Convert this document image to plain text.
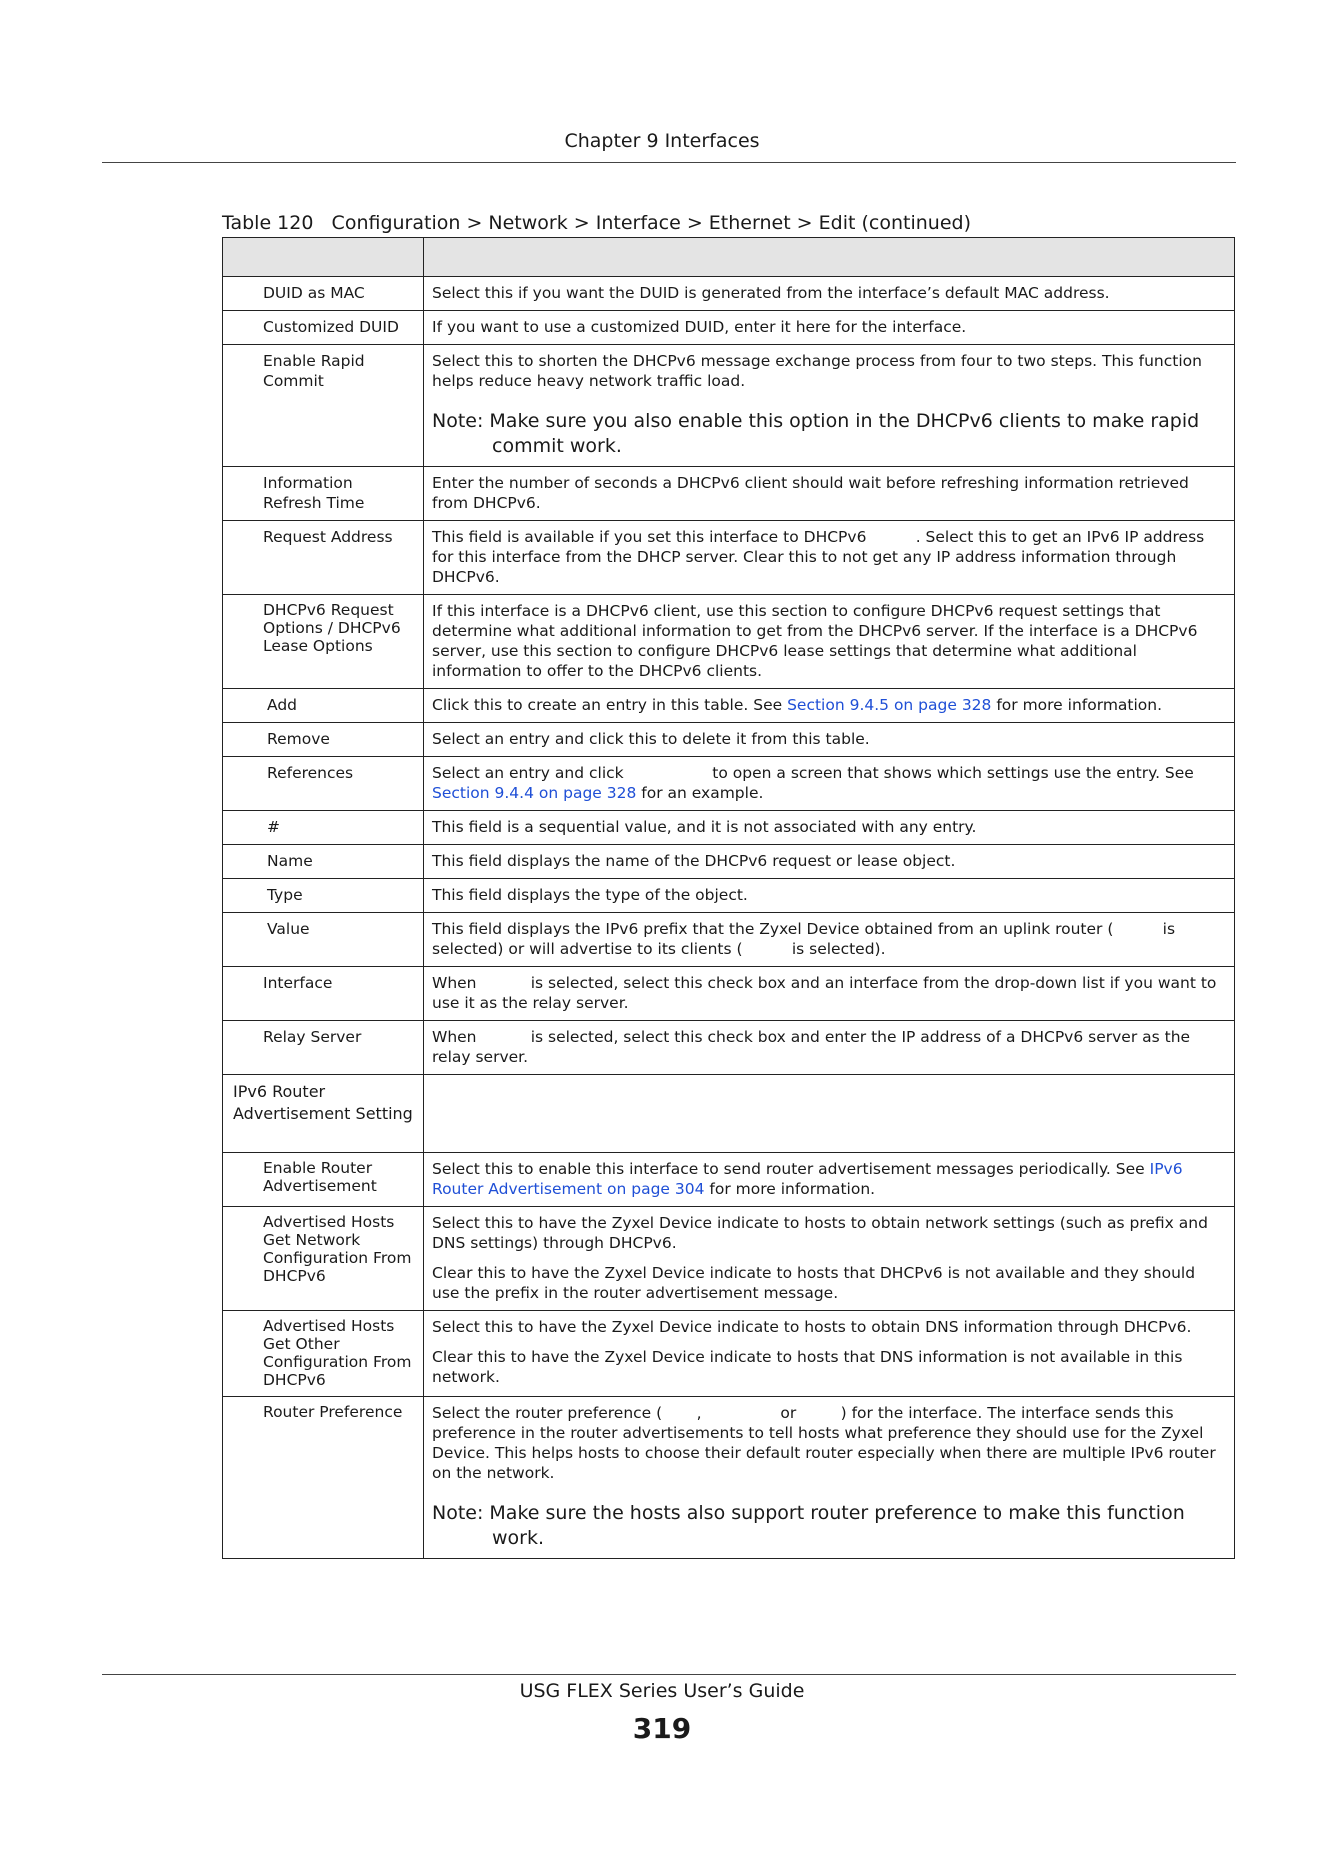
Chapter 9 Interfaces
Table 120   Configuration > Network > Interface > Ethernet > Edit (continued)

DUID as MAC	Select this if you want the DUID is generated from the interface’s default MAC address.

Customized DUID	If you want to use a customized DUID, enter it here for the interface.

Enable Rapid Commit	Select this to shorten the DHCPv6 message exchange process from four to two steps. This function helps reduce heavy network traffic load.

Note: Make sure you also enable this option in the DHCPv6 clients to make rapid commit work.

Information Refresh Time	Enter the number of seconds a DHCPv6 client should wait before refreshing information retrieved from DHCPv6.

Request Address	This field is available if you set this interface to DHCPv6          . Select this to get an IPv6 IP address for this interface from the DHCP server. Clear this to not get any IP address information through DHCPv6.

DHCPv6 Request Options / DHCPv6 Lease Options	If this interface is a DHCPv6 client, use this section to configure DHCPv6 request settings that determine what additional information to get from the DHCPv6 server. If the interface is a DHCPv6 server, use this section to configure DHCPv6 lease settings that determine what additional information to offer to the DHCPv6 clients.

Add	Click this to create an entry in this table. See Section 9.4.5 on page 328 for more information.

Remove	Select an entry and click this to delete it from this table.

References	Select an entry and click                  to open a screen that shows which settings use the entry. See Section 9.4.4 on page 328 for an example.

#	This field is a sequential value, and it is not associated with any entry.

Name	This field displays the name of the DHCPv6 request or lease object.

Type	This field displays the type of the object.

Value	This field displays the IPv6 prefix that the Zyxel Device obtained from an uplink router (          is selected) or will advertise to its clients (          is selected).

Interface	When           is selected, select this check box and an interface from the drop-down list if you want to use it as the relay server.

Relay Server	When           is selected, select this check box and enter the IP address of a DHCPv6 server as the relay server.

IPv6 Router Advertisement Setting	
Enable Router Advertisement	Select this to enable this interface to send router advertisement messages periodically. See IPv6 Router Advertisement on page 304 for more information.

Advertised Hosts Get Network Configuration From DHCPv6	Select this to have the Zyxel Device indicate to hosts to obtain network settings (such as prefix and DNS settings) through DHCPv6.

Clear this to have the Zyxel Device indicate to hosts that DHCPv6 is not available and they should use the prefix in the router advertisement message.

Advertised Hosts Get Other Configuration From DHCPv6	Select this to have the Zyxel Device indicate to hosts to obtain DNS information through DHCPv6.

Clear this to have the Zyxel Device indicate to hosts that DNS information is not available in this network.

Router Preference	Select the router preference (       ,                or         ) for the interface. The interface sends this preference in the router advertisements to tell hosts what preference they should use for the Zyxel Device. This helps hosts to choose their default router especially when there are multiple IPv6 router on the network.

Note: Make sure the hosts also support router preference to make this function work.

USG FLEX Series User’s Guide
319
